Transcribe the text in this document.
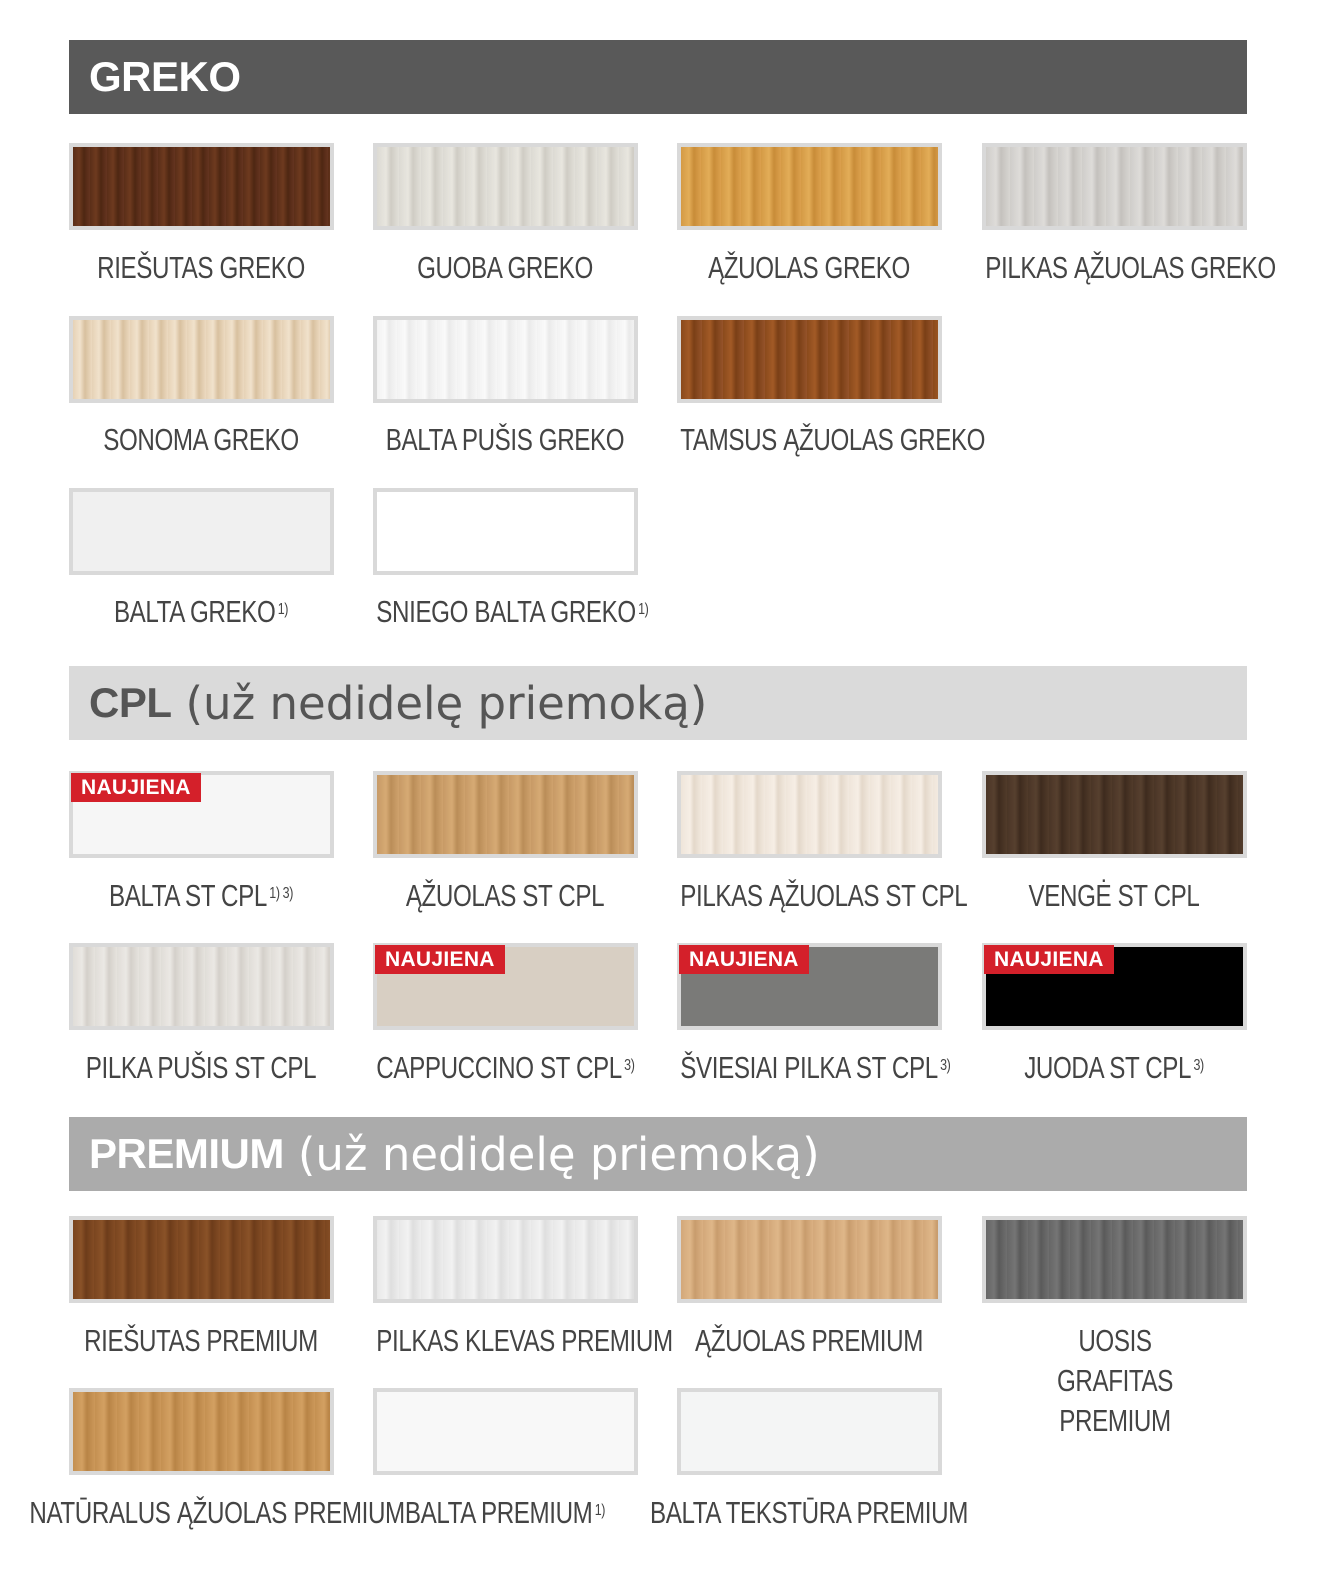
GREKO
RIEŠUTAS GREKO	GUOBA GREKO	ĄŽUOLAS GREKO	PILKAS ĄŽUOLAS GREKO
SONOMA GREKO	BALTA PUŠIS GREKO	TAMSUS ĄŽUOLAS GREKO
BALTA GREKO $^{1)}$	SNIEGO BALTA GREKO $^{1)}$
CPL (už nedidelę priemoką)
NAUJIENA
BALTA ST CPL $^{1) 3)}$	ĄŽUOLAS ST CPL	PILKAS ĄŽUOLAS ST CPL	VENGĖ ST CPL
PILKA PUŠIS ST CPL
NAUJIENA
CAPPUCCINO ST CPL $^{3)}$
NAUJIENA
ŠVIESIAI PILKA ST CPL $^{3)}$
NAUJIENA
JUODA ST CPL $^{3)}$
PREMIUM (už nedidelę priemoką)
RIEŠUTAS PREMIUM	PILKAS KLEVAS PREMIUM ĄŽUOLAS PREMIUM	UOSIS GRAFITAS PREMIUM
NATŪRALUS ĄŽUOLAS PREMIUM BALTA PREMIUM $^{1)}$	BALTA TEKSTŪRA PREMIUM
